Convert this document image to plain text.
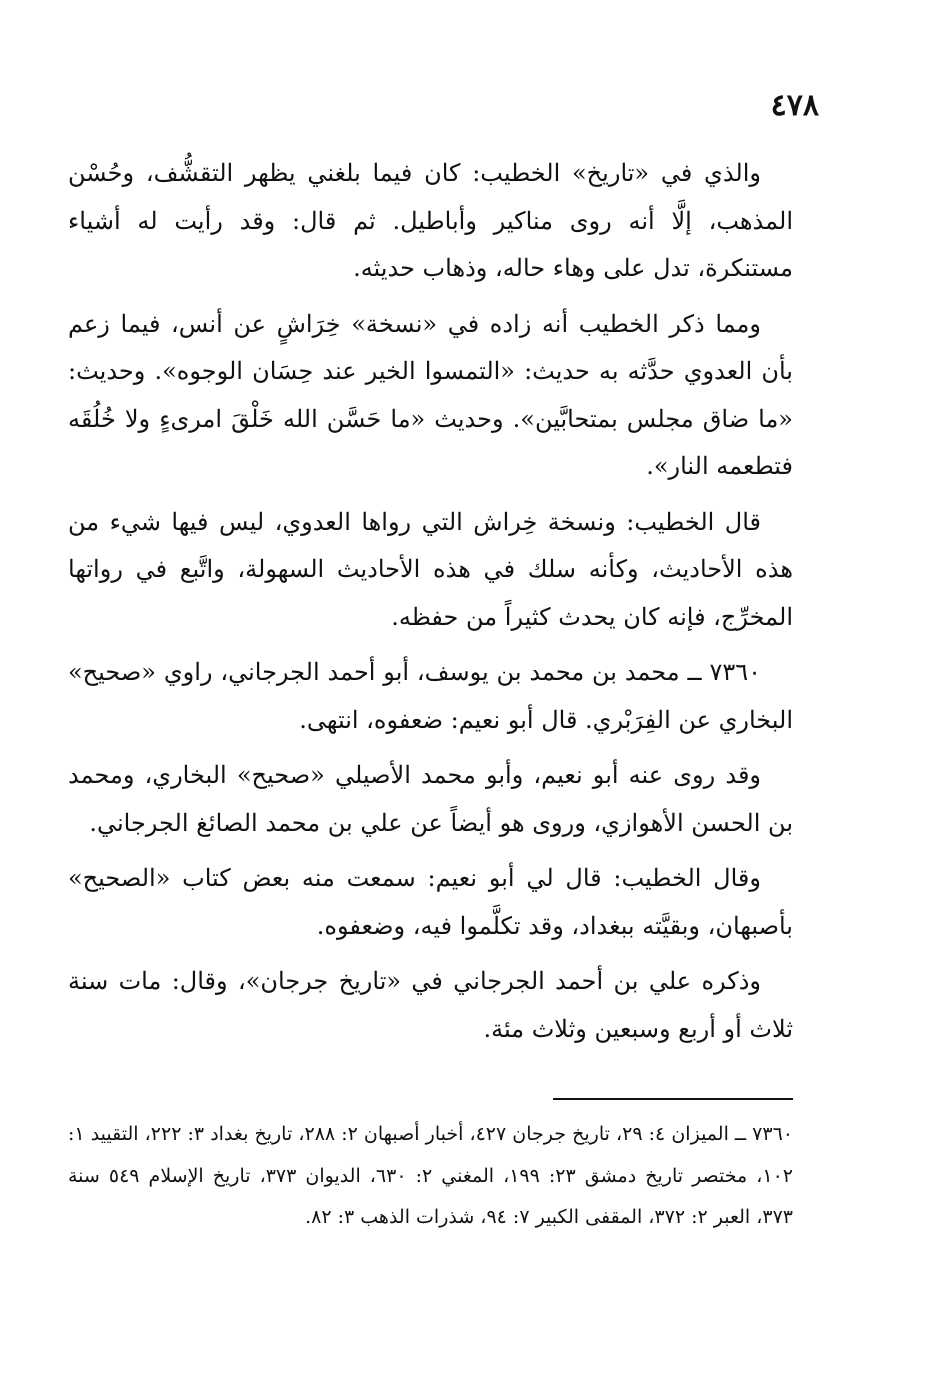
٤٧٨

والذي في «تاريخ» الخطيب: كان فيما بلغني يظهر التقشُّف، وحُسْن المذهب، إلَّا أنه روى مناكير وأباطيل. ثم قال: وقد رأيت له أشياء مستنكرة، تدل على وهاء حاله، وذهاب حديثه.

ومما ذكر الخطيب أنه زاده في «نسخة» خِرَاشٍ عن أنس، فيما زعم بأن العدوي حدَّثه به حديث: «التمسوا الخير عند حِسَان الوجوه». وحديث: «ما ضاق مجلس بمتحابَّين». وحديث «ما حَسَّن الله خَلْقَ امرىءٍ ولا خُلُقَه فتطعمه النار».

قال الخطيب: ونسخة خِراش التي رواها العدوي، ليس فيها شيء من هذه الأحاديث، وكأنه سلك في هذه الأحاديث السهولة، واتَّبع في رواتها المخرِّج، فإنه كان يحدث كثيراً من حفظه.

٧٣٦٠ ــ محمد بن محمد بن يوسف، أبو أحمد الجرجاني، راوي «صحيح» البخاري عن الفِرَبْري. قال أبو نعيم: ضعفوه، انتهى.

وقد روى عنه أبو نعيم، وأبو محمد الأصيلي «صحيح» البخاري، ومحمد بن الحسن الأهوازي، وروى هو أيضاً عن علي بن محمد الصائغ الجرجاني.

وقال الخطيب: قال لي أبو نعيم: سمعت منه بعض كتاب «الصحيح» بأصبهان، وبقيَّته ببغداد، وقد تكلَّموا فيه، وضعفوه.

وذكره علي بن أحمد الجرجاني في «تاريخ جرجان»، وقال: مات سنة ثلاث أو أربع وسبعين وثلاث مئة.

٧٣٦٠ ــ الميزان ٤: ٢٩، تاريخ جرجان ٤٢٧، أخبار أصبهان ٢: ٢٨٨، تاريخ بغداد ٣: ٢٢٢، التقييد ١: ١٠٢، مختصر تاريخ دمشق ٢٣: ١٩٩، المغني ٢: ٦٣٠، الديوان ٣٧٣، تاريخ الإسلام ٥٤٩ سنة ٣٧٣، العبر ٢: ٣٧٢، المقفى الكبير ٧: ٩٤، شذرات الذهب ٣: ٨٢.
